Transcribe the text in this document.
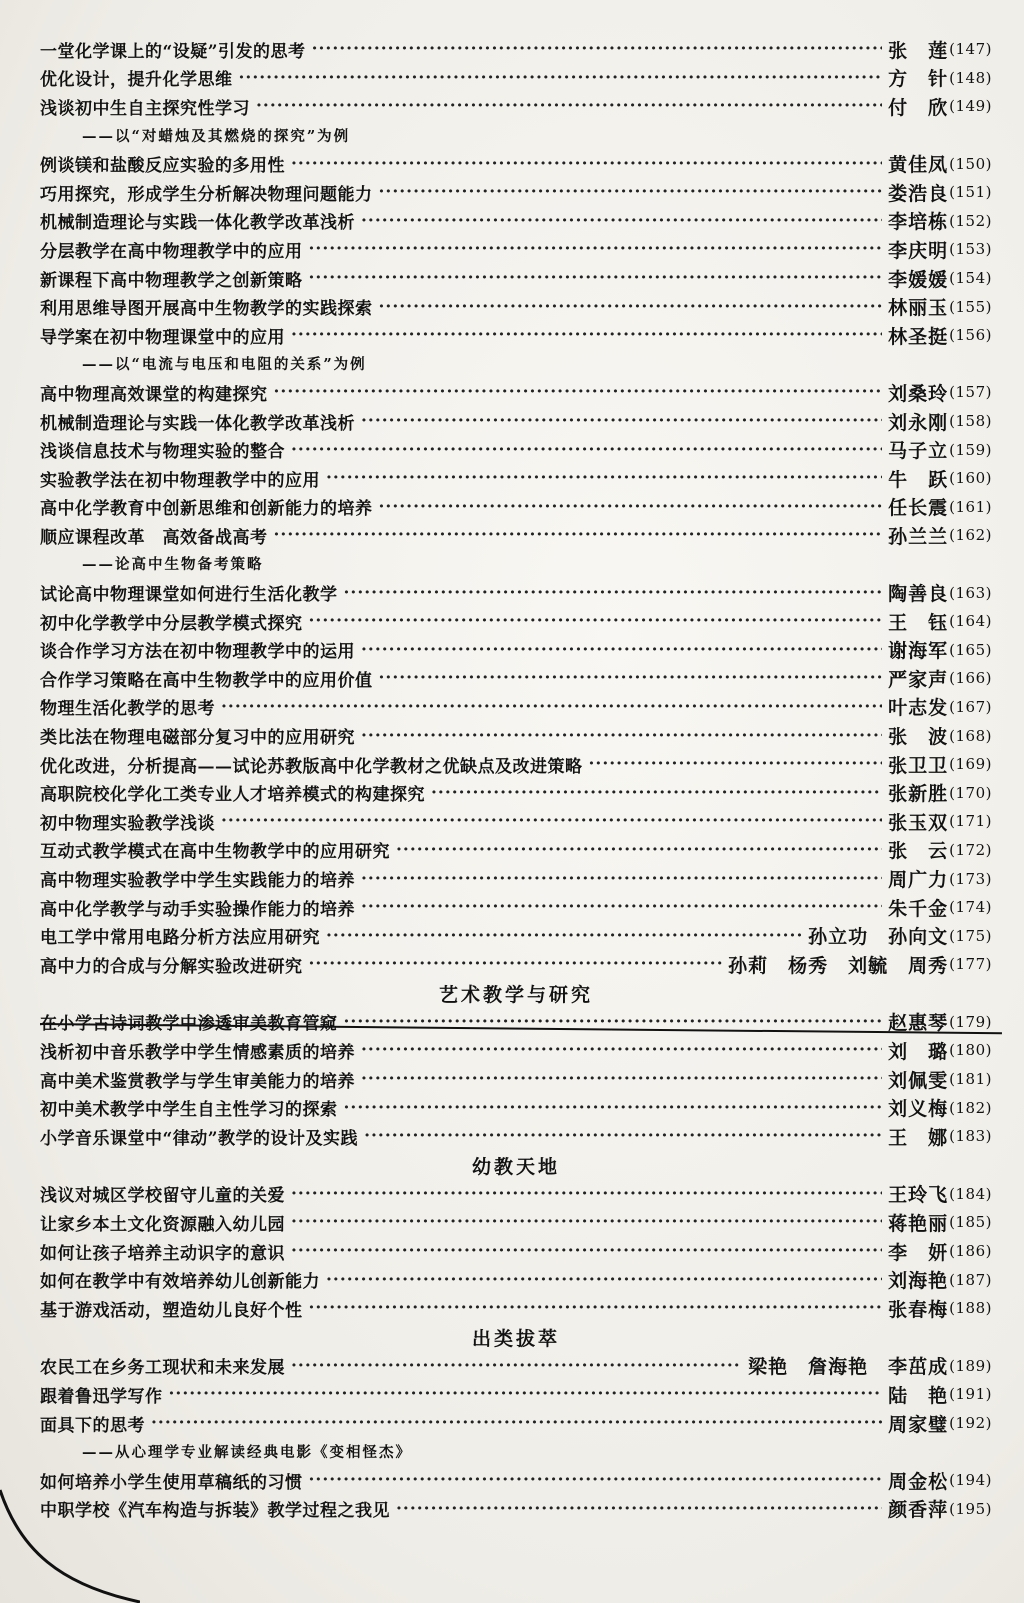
一堂化学课上的“设疑”引发的思考 ·····	张　莲 (147)
优化设计，提升化学思维 ·····	方　针 (148)
浅谈初中生自主探究性学习 ·····	付　欣 (149)
——以“对蜡烛及其燃烧的探究”为例
例谈镁和盐酸反应实验的多用性 ·····	黄佳凤 (150)
巧用探究，形成学生分析解决物理问题能力 ·····	娄浩良 (151)
机械制造理论与实践一体化教学改革浅析 ·····	李培栋 (152)
分层教学在高中物理教学中的应用 ·····	李庆明 (153)
新课程下高中物理教学之创新策略 ·····	李媛媛 (154)
利用思维导图开展高中生物教学的实践探索 ·····	林丽玉 (155)
导学案在初中物理课堂中的应用 ·····	林圣挺 (156)
——以“电流与电压和电阻的关系”为例
高中物理高效课堂的构建探究 ·····	刘桑玲 (157)
机械制造理论与实践一体化教学改革浅析 ·····	刘永刚 (158)
浅谈信息技术与物理实验的整合 ·····	马子立 (159)
实验教学法在初中物理教学中的应用 ·····	牛　跃 (160)
高中化学教育中创新思维和创新能力的培养 ·····	任长震 (161)
顺应课程改革　高效备战高考 ·····	孙兰兰 (162)
——论高中生物备考策略
试论高中物理课堂如何进行生活化教学 ·····	陶善良 (163)
初中化学教学中分层教学模式探究 ·····	王　钰 (164)
谈合作学习方法在初中物理教学中的运用 ·····	谢海军 (165)
合作学习策略在高中生物教学中的应用价值 ·····	严家声 (166)
物理生活化教学的思考 ·····	叶志发 (167)
类比法在物理电磁部分复习中的应用研究 ·····	张　波 (168)
优化改进，分析提高——试论苏教版高中化学教材之优缺点及改进策略 ·····	张卫卫 (169)
高职院校化学化工类专业人才培养模式的构建探究 ·····	张新胜 (170)
初中物理实验教学浅谈 ·····	张玉双 (171)
互动式教学模式在高中生物教学中的应用研究 ·····	张　云 (172)
高中物理实验教学中学生实践能力的培养 ·····	周广力 (173)
高中化学教学与动手实验操作能力的培养 ·····	朱千金 (174)
电工学中常用电路分析方法应用研究 ·····	孙立功　孙向文 (175)
高中力的合成与分解实验改进研究 ·····	孙莉　杨秀　刘毓　周秀 (177)
艺术教学与研究
在小学古诗词教学中渗透审美教育管窥 ·····	赵惠琴 (179)
浅析初中音乐教学中学生情感素质的培养 ·····	刘　璐 (180)
高中美术鉴赏教学与学生审美能力的培养 ·····	刘佩雯 (181)
初中美术教学中学生自主性学习的探索 ·····	刘义梅 (182)
小学音乐课堂中“律动”教学的设计及实践 ·····	王　娜 (183)
幼教天地
浅议对城区学校留守儿童的关爱 ·····	王玲飞 (184)
让家乡本土文化资源融入幼儿园 ·····	蒋艳丽 (185)
如何让孩子培养主动识字的意识 ·····	李　妍 (186)
如何在教学中有效培养幼儿创新能力 ·····	刘海艳 (187)
基于游戏活动，塑造幼儿良好个性 ·····	张春梅 (188)
出类拔萃
农民工在乡务工现状和未来发展 ·····	梁艳　詹海艳　李茁成 (189)
跟着鲁迅学写作 ·····	陆　艳 (191)
面具下的思考 ·····	周家璧 (192)
——从心理学专业解读经典电影《变相怪杰》
如何培养小学生使用草稿纸的习惯 ·····	周金松 (194)
中职学校《汽车构造与拆装》教学过程之我见 ·····	颜香萍 (195)
